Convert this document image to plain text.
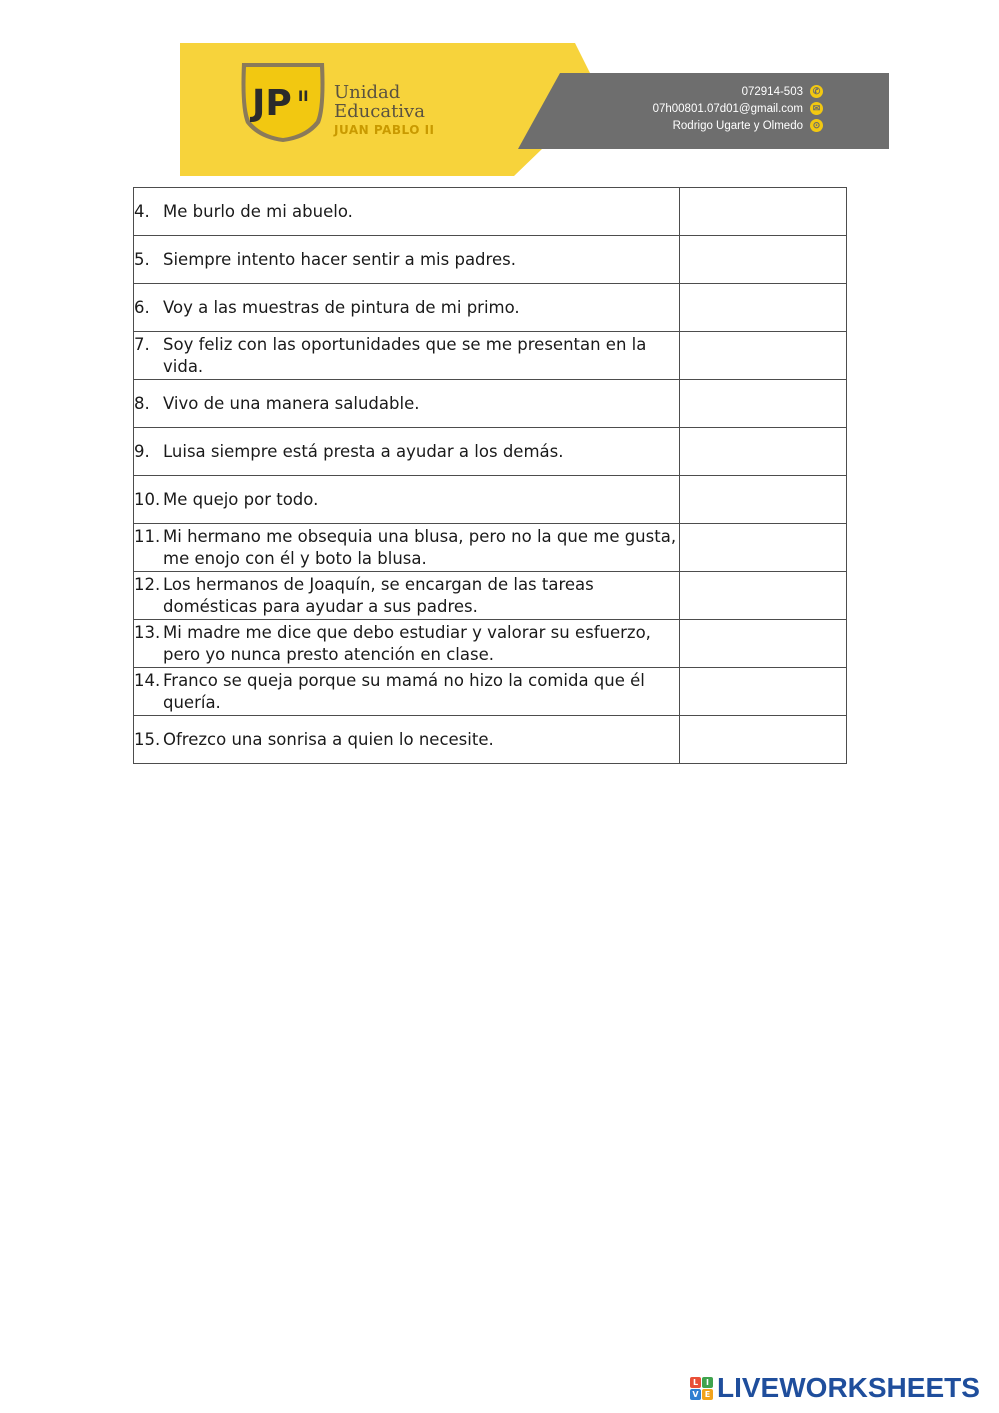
JP II Unidad
Educativa
JUAN PABLO II
072914-503	✆
07h00801.07d01@gmail.com	✉
Rodrigo Ugarte y Olmedo	⊙
4. Me burlo de mi abuelo.	

5. Siempre intento hacer sentir a mis padres.	

6. Voy a las muestras de pintura de mi primo.	

7. Soy feliz con las oportunidades que se me presentan en la vida.	

8. Vivo de una manera saludable.	

9. Luisa siempre está presta a ayudar a los demás.	

10. Me quejo por todo.	

11. Mi hermano me obsequia una blusa, pero no la que me gusta, me enojo con él y boto la blusa.	

12. Los hermanos de Joaquín, se encargan de las tareas domésticas para ayudar a sus padres.	

13. Mi madre me dice que debo estudiar y valorar su esfuerzo, pero yo nunca presto atención en clase.	

14. Franco se queja porque su mamá no hizo la comida que él quería.	

15. Ofrezco una sonrisa a quien lo necesite.	

L I
V E LIVEWORKSHEETS
